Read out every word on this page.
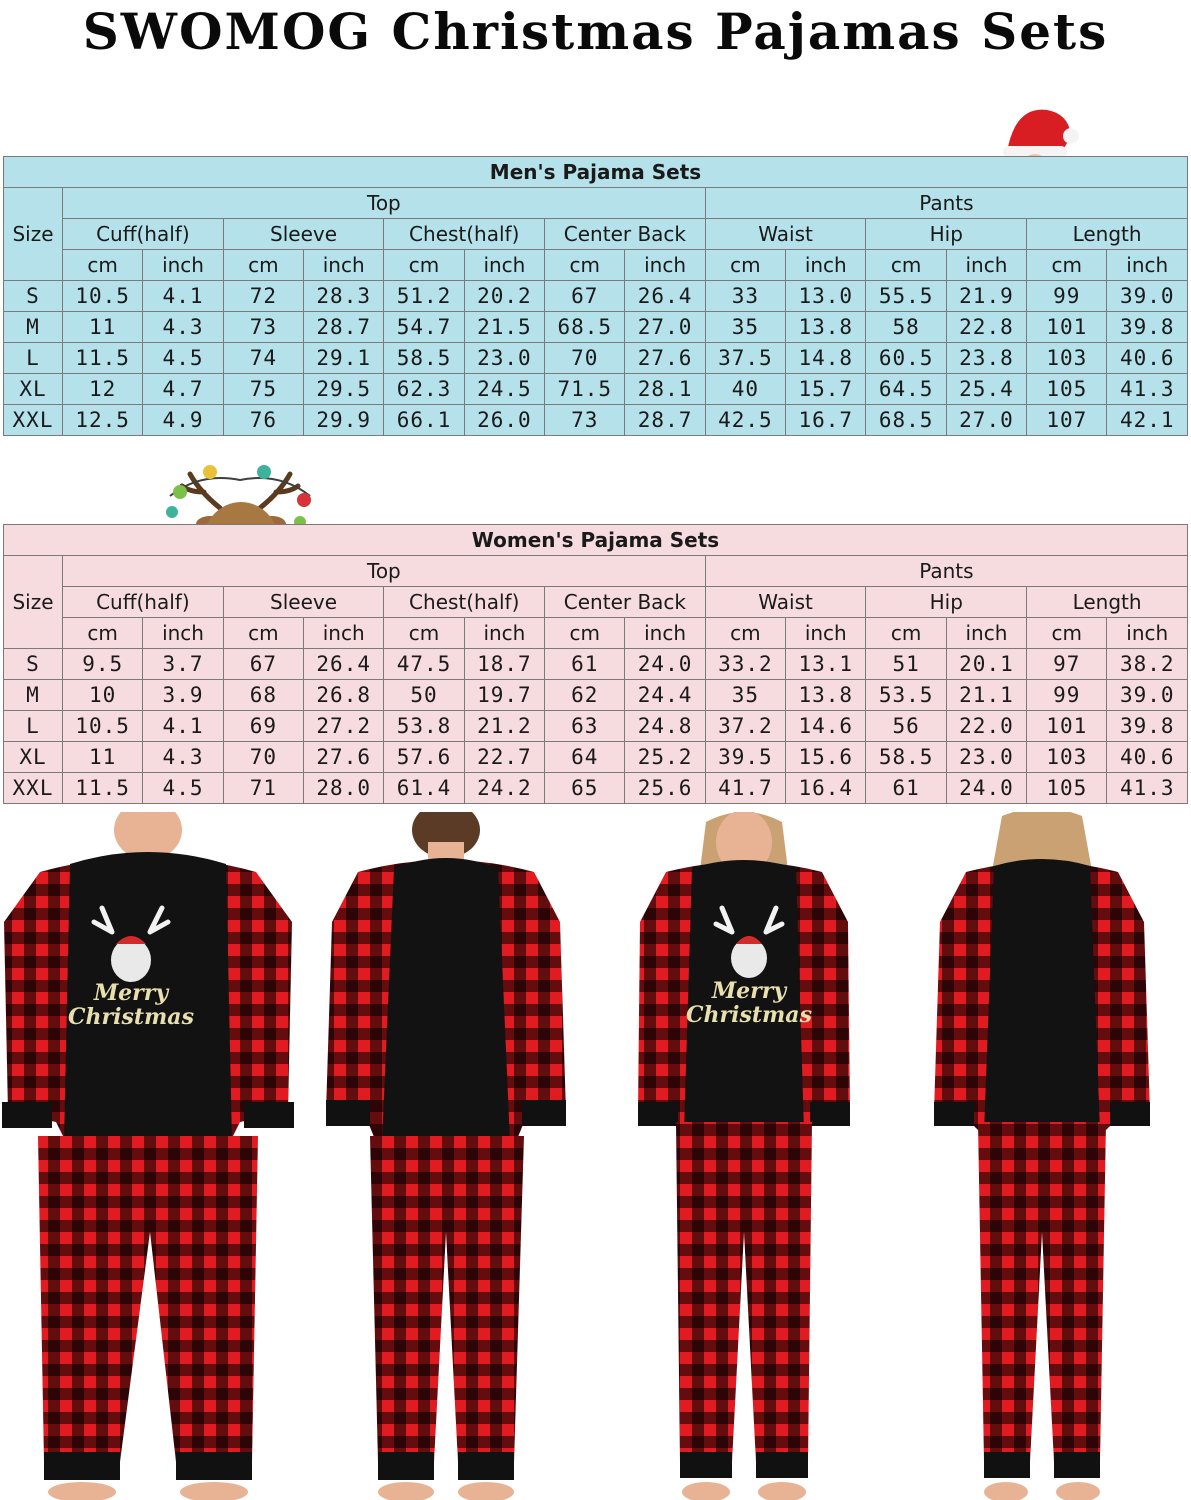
SWOMOG Christmas Pajamas Sets
Men's Pajama Sets														
Size	Top								Pants					
	Cuff(half)		Sleeve		Chest(half)		Center Back		Waist		Hip		Length	
	cm	inch	cm	inch	cm	inch	cm	inch	cm	inch	cm	inch	cm	inch
S	10.5	4.1	72	28.3	51.2	20.2	67	26.4	33	13.0	55.5	21.9	99	39.0
M	11	4.3	73	28.7	54.7	21.5	68.5	27.0	35	13.8	58	22.8	101	39.8
L	11.5	4.5	74	29.1	58.5	23.0	70	27.6	37.5	14.8	60.5	23.8	103	40.6
XL	12	4.7	75	29.5	62.3	24.5	71.5	28.1	40	15.7	64.5	25.4	105	41.3
XXL	12.5	4.9	76	29.9	66.1	26.0	73	28.7	42.5	16.7	68.5	27.0	107	42.1
Women's Pajama Sets														
Size	Top								Pants					
	Cuff(half)		Sleeve		Chest(half)		Center Back		Waist		Hip		Length	
	cm	inch	cm	inch	cm	inch	cm	inch	cm	inch	cm	inch	cm	inch
S	9.5	3.7	67	26.4	47.5	18.7	61	24.0	33.2	13.1	51	20.1	97	38.2
M	10	3.9	68	26.8	50	19.7	62	24.4	35	13.8	53.5	21.1	99	39.0
L	10.5	4.1	69	27.2	53.8	21.2	63	24.8	37.2	14.6	56	22.0	101	39.8
XL	11	4.3	70	27.6	57.6	22.7	64	25.2	39.5	15.6	58.5	23.0	103	40.6
XXL	11.5	4.5	71	28.0	61.4	24.2	65	25.6	41.7	16.4	61	24.0	105	41.3
Merry
Christmas
Merry
Christmas
